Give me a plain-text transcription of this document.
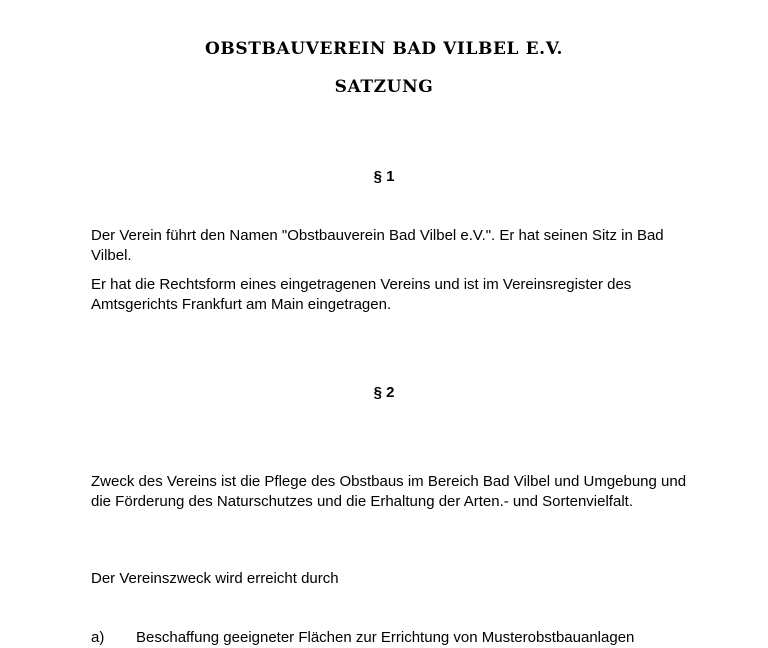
OBSTBAUVEREIN BAD VILBEL E.V.
SATZUNG
§ 1

Der Verein führt den Namen "Obstbauverein Bad Vilbel e.V.". Er hat seinen Sitz in Bad Vilbel.

Er hat die Rechtsform eines eingetragenen Vereins und ist im Vereinsregister des Amtsgerichts Frankfurt am Main eingetragen.

§ 2

Zweck des Vereins ist die Pflege des Obstbaus im Bereich Bad Vilbel und Umgebung und die Förderung des Naturschutzes und die Erhaltung der Arten.- und Sortenvielfalt.

Der Vereinszweck wird erreicht durch

a)	Beschaffung geeigneter Flächen zur Errichtung von Musterobstbauanlagen
